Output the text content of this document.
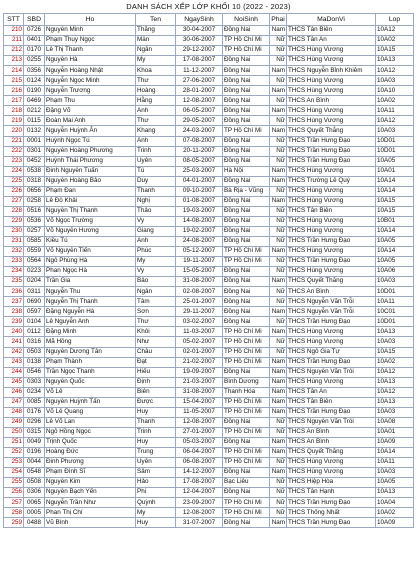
DANH SÁCH XẾP LỚP KHỐI 10 (2022 - 2023)
STT	SBD	Ho	Ten	NgaySinh	NoiSinh	Phai	MaDonVi	Lop
210	0726	Nguyễn Minh	Thắng	30-04-2007	Đồng Nai	Nam	THCS Tân Biên	10A12
211	0401	Phạm Thụy Ngọc	Mẫn	30-06-2007	TP Hồ Chí Mi	Nữ	THCS Tân An	10A02
212	0170	Lê Thị Thanh	Ngân	29-12-2007	TP Hồ Chí Mi	Nữ	THCS Hùng Vương	10A15
213	0255	Nguyễn Hà	My	17-08-2007	Đồng Nai	Nữ	THCS Hùng Vương	10A13
214	0356	Nguyễn Hoàng Nhật	Khoa	11-12-2007	Đồng Nai	Nam	THCS Nguyễn Bỉnh Khiêm	10A12
215	0124	Nguyễn Ngọc Minh	Thư	27-06-2007	Đồng Nai	Nữ	THCS Hùng Vương	10A03
216	0190	Nguyễn Trương	Hoàng	28-01-2007	Đồng Nai	Nam	THCS Hùng Vương	10A10
217	0469	Phạm Thu	Hằng	12-08-2007	Đồng Nai	Nữ	THCS An Bình	10A02
218	0212	Đặng Võ	Anh	06-05-2007	Đồng Nai	Nam	THCS Hùng Vương	10A11
219	0115	Đoàn Mai Anh	Thư	29-05-2007	Đồng Nai	Nữ	THCS Hùng Vương	10A12
220	0132	Nguyễn Huỳnh Ân	Khang	24-03-2007	TP Hồ Chí Mi	Nam	THCS Quyết Thắng	10A03
221	0001	Huỳnh Ngọc Tú	Anh	07-08-2007	Đồng Nai	Nữ	THCS Trần Hưng Đạo	10D01
222	0301	Nguyễn Hoàng Phương	Trinh	20-11-2007	Đồng Nai	Nữ	THCS Trần Hưng Đạo	10D01
223	0452	Huỳnh Thái Phương	Uyên	08-05-2007	Đồng Nai	Nữ	THCS Trần Hưng Đạo	10A05
224	0538	Đinh Nguyễn Tuấn	Tú	25-03-2007	Hà Nội	Nam	THCS Hùng Vương	10A01
225	0318	Nguyễn Hoàng Bảo	Duy	04-01-2007	Đồng Nai	Nam	THCS Trường Lê Quý	10A14
226	0656	Phạm Đan	Thanh	09-10-2007	Bà Rịa - Vũng	Nữ	THCS Hùng Vương	10A14
227	0258	Lê Đỗ Khải	Nghị	01-08-2007	Đồng Nai	Nam	THCS Hùng Vương	10A15
228	0516	Nguyễn Thị Thanh	Thảo	19-03-2007	Đồng Nai	Nữ	THCS Tân Biên	10A15
229	0536	Võ Ngọc Trường	Vy	14-08-2007	Đồng Nai	Nữ	THCS Hùng Vương	10B01
230	0257	Võ Nguyễn Hương	Giang	19-02-2007	Đồng Nai	Nữ	THCS Hùng Vương	10A14
231	0585	Kiều Tú	Anh	24-08-2007	Đồng Nai	Nữ	THCS Trần Hưng Đạo	10A05
232	0559	Võ Nguyễn Tiến	Phúc	05-12-2007	TP Hồ Chí Mi	Nam	THCS Hùng Vương	10A14
233	0564	Ngô Phùng Hà	My	19-11-2007	TP Hồ Chí Mi	Nữ	THCS Trần Hưng Đạo	10A05
234	0223	Phan Ngọc Hà	Vy	15-05-2007	Đồng Nai	Nữ	THCS Hùng Vương	10A06
235	0204	Trần Gia	Bảo	31-08-2007	Đồng Nai	Nam	THCS Quyết Thắng	10A03
236	0311	Nguyễn Thu	Ngân	02-08-2007	Đồng Nai	Nữ	THCS An Bình	10D01
237	0690	Nguyễn Thị Thanh	Tâm	25-01-2007	Đồng Nai	Nữ	THCS Nguyễn Văn Trỗi	10A11
238	0597	Đặng Nguyễn Hà	Sơn	29-11-2007	Đồng Nai	Nam	THCS Nguyễn Văn Trỗi	10C01
239	0104	Lê Nguyễn Anh	Thư	03-02-2007	Đồng Nai	Nữ	THCS Trần Hưng Đạo	10D01
240	0112	Đặng Minh	Khôi	11-03-2007	TP Hồ Chí Mi	Nam	THCS Hùng Vương	10A13
241	0316	Mã Hồng	Như	05-02-2007	TP Hồ Chí Mi	Nữ	THCS Hùng Vương	10A03
242	0503	Nguyễn Dương Tân	Châu	02-01-2007	TP Hồ Chí Mi	Nữ	THCS Ngô Gia Tự	10A15
243	0138	Phạm Thành	Đạt	21-02-2007	TP Hồ Chí Mi	Nam	THCS Trần Hưng Đạo	10A02
244	0546	Trần Ngọc Thanh	Hiếu	19-09-2007	Đồng Nai	Nam	THCS Nguyễn Văn Trỗi	10A12
245	0303	Nguyễn Quốc	Định	21-03-2007	Bình Dương	Nam	THCS Hùng Vương	10A13
246	0234	Võ Lê	Biên	31-08-2007	Thanh Hóa	Nam	THCS Tân An	10A12
247	0085	Nguyễn Huỳnh Tấn	Được	15-04-2007	TP Hồ Chí Mi	Nam	THCS Tân Biên	10A13
248	0176	Võ Lê Quang	Huy	11-05-2007	TP Hồ Chí Mi	Nam	THCS Trần Hưng Đạo	10A03
249	0296	Lê Võ Lan	Thanh	12-08-2007	Đồng Nai	Nữ	THCS Nguyễn Văn Trỗi	10A08
250	0315	Ngô Hồng Ngọc	Trinh	27-01-2007	TP Hồ Chí Mi	Nữ	THCS An Bình	10A01
251	0049	Trịnh Quốc	Huy	05-03-2007	Đồng Nai	Nam	THCS An Bình	10A09
252	0196	Hoàng Đức	Trung	06-04-2007	TP Hồ Chí Mi	Nam	THCS Quyết Thắng	10A14
253	0044	Đinh Phương	Uyên	06-08-2007	TP Hồ Chí Mi	Nữ	THCS Hùng Vương	10A11
254	0548	Phạm Đình Sĩ	Sâm	14-12-2007	Đồng Nai	Nam	THCS Hùng Vương	10A03
255	0508	Nguyễn Kim	Hảo	17-08-2007	Bạc Liêu	Nữ	THCS Hiệp Hòa	10A05
256	0306	Nguyễn Bạch Yến	Phi	12-04-2007	Đồng Nai	Nữ	THCS Tân Hạnh	10A13
257	0065	Nguyễn Trần Như	Quỳnh	23-09-2007	TP Hồ Chí Mi	Nữ	THCS Trần Hưng Đạo	10A04
258	0005	Phan Thị Chí	My	12-08-2007	TP Hồ Chí Mi	Nữ	THCS Thống Nhất	10A02
259	0488	Vũ Bình	Huy	31-07-2007	Đồng Nai	Nam	THCS Trần Hưng Đạo	10A09
